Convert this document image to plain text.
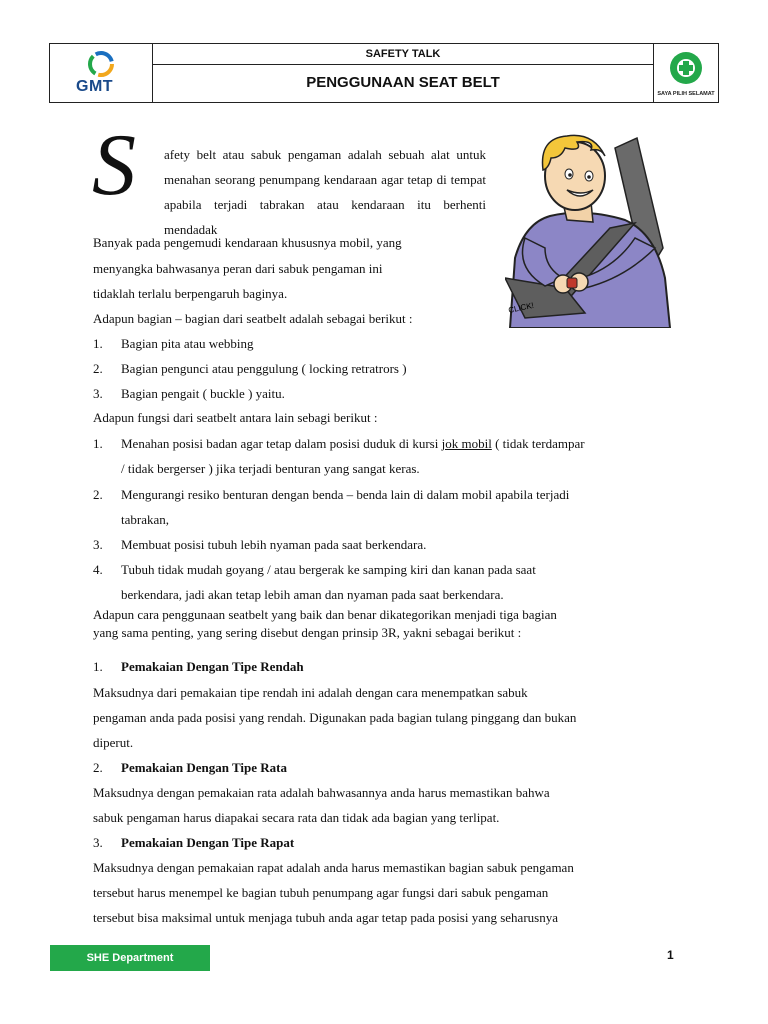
GMT
SAFETY TALK
PENGGUNAAN SEAT BELT
SAYA PILIH SELAMAT
S afety belt atau sabuk pengaman adalah sebuah alat untuk menahan seorang penumpang kendaraan agar tetap di tempat apabila terjadi tabrakan atau kendaraan itu berhenti mendadak

CLICK!

Banyak pada pengemudi kendaraan khususnya mobil, yang

menyangka bahwasanya peran dari sabuk pengaman ini

tidaklah terlalu berpengaruh baginya.

Adapun bagian – bagian dari seatbelt adalah sebagai berikut :

1. Bagian pita atau webbing

2. Bagian pengunci atau penggulung ( locking retratrors )

3. Bagian pengait ( buckle ) yaitu.

Adapun fungsi dari seatbelt antara lain sebagi berikut :

1. Menahan posisi badan agar tetap dalam posisi duduk di kursi jok mobil ( tidak terdampar

/ tidak bergerser ) jika terjadi benturan yang sangat keras.

2. Mengurangi resiko benturan dengan benda – benda lain di dalam mobil apabila terjadi

tabrakan,

3. Membuat posisi tubuh lebih nyaman pada saat berkendara.

4. Tubuh tidak mudah goyang / atau bergerak ke samping kiri dan kanan pada saat

berkendara, jadi akan tetap lebih aman dan nyaman pada saat berkendara.

Adapun cara penggunaan seatbelt yang baik dan benar dikategorikan menjadi tiga bagian

yang sama penting, yang sering disebut dengan prinsip 3R, yakni sebagai berikut :

1. Pemakaian Dengan Tipe Rendah

Maksudnya dari pemakaian tipe rendah ini adalah dengan cara menempatkan sabuk

pengaman anda pada posisi yang rendah. Digunakan pada bagian tulang pinggang dan bukan

diperut.

2. Pemakaian Dengan Tipe Rata

Maksudnya dengan pemakaian rata adalah bahwasannya anda harus memastikan bahwa

sabuk pengaman harus diapakai secara rata dan tidak ada bagian yang terlipat.

3. Pemakaian Dengan Tipe Rapat

Maksudnya dengan pemakaian rapat adalah anda harus memastikan bagian sabuk pengaman

tersebut harus menempel ke bagian tubuh penumpang agar fungsi dari sabuk pengaman

tersebut bisa maksimal untuk menjaga tubuh anda agar tetap pada posisi yang seharusnya

SHE Department	1
